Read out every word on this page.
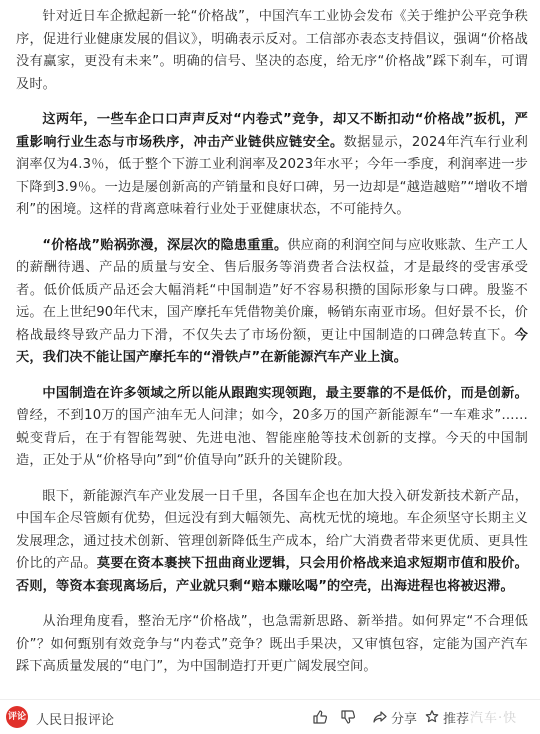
针对近日车企掀起新一轮“价格战”，中国汽车工业协会发布《关于维护公平竞争秩序，促进行业健康发展的倡议》，明确表示反对。工信部亦表态支持倡议，强调“价格战没有赢家，更没有未来”。明确的信号、坚决的态度，给无序“价格战”踩下刹车，可谓及时。

这两年，一些车企口口声声反对“内卷式”竞争，却又不断扣动“价格战”扳机，严重影响行业生态与市场秩序，冲击产业链供应链安全。数据显示，2024年汽车行业利润率仅为4.3％，低于整个下游工业利润率及2023年水平；今年一季度，利润率进一步下降到3.9％。一边是屡创新高的产销量和良好口碑，另一边却是“越造越赔”“增收不增利”的困境。这样的背离意味着行业处于亚健康状态，不可能持久。

“价格战”贻祸弥漫，深层次的隐患重重。供应商的利润空间与应收账款、生产工人的薪酬待遇、产品的质量与安全、售后服务等消费者合法权益，才是最终的受害承受者。低价低质产品还会大幅消耗“中国制造”好不容易积攒的国际形象与口碑。殷鉴不远。在上世纪90年代末，国产摩托车凭借物美价廉，畅销东南亚市场。但好景不长，价格战最终导致产品力下滑，不仅失去了市场份额，更让中国制造的口碑急转直下。今天，我们决不能让国产摩托车的“滑铁卢”在新能源汽车产业上演。

中国制造在许多领域之所以能从跟跑实现领跑，最主要靠的不是低价，而是创新。曾经，不到10万的国产油车无人问津；如今，20多万的国产新能源车“一车难求”……蜕变背后，在于有智能驾驶、先进电池、智能座舱等技术创新的支撑。今天的中国制造，正处于从“价格导向”到“价值导向”跃升的关键阶段。

眼下，新能源汽车产业发展一日千里，各国车企也在加大投入研发新技术新产品，中国车企尽管颇有优势，但远没有到大幅领先、高枕无忧的境地。车企须坚守长期主义发展理念，通过技术创新、管理创新降低生产成本，给广大消费者带来更优质、更具性价比的产品。莫要在资本裹挟下扭曲商业逻辑，只会用价格战来追求短期市值和股价。否则，等资本套现离场后，产业就只剩“赔本赚吆喝”的空壳，出海进程也将被迟滞。

从治理角度看，整治无序“价格战”，也急需新思路、新举措。如何界定“不合理低价”？如何甄别有效竞争与“内卷式”竞争？既出手果决，又审慎包容，定能为国产汽车踩下高质量发展的“电门”，为中国制造打开更广阔发展空间。

评论 人民日报评论	分享 推荐 汽车·快
